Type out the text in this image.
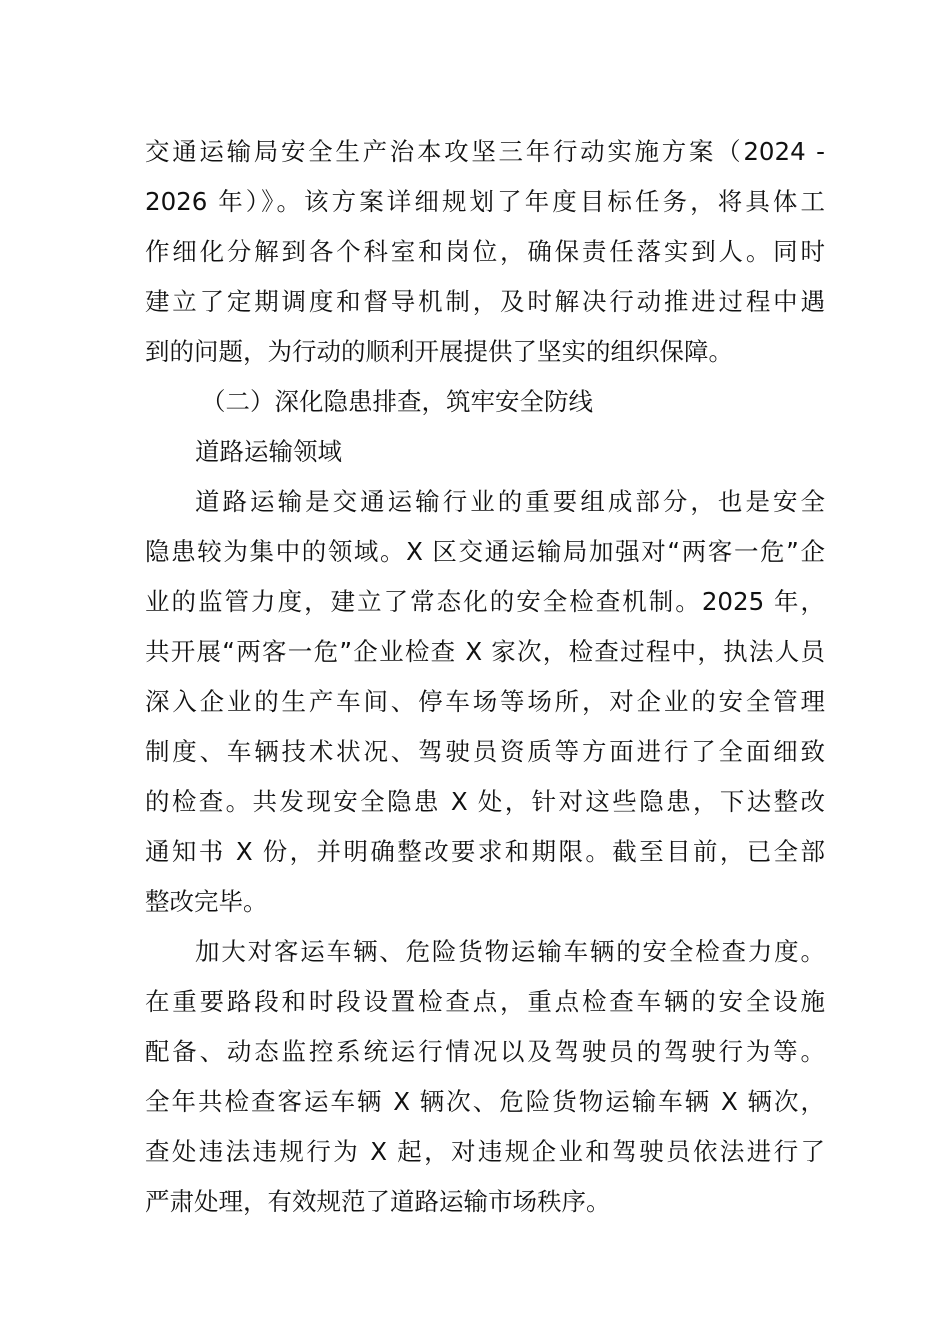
交通运输局安全生产治本攻坚三年行动实施方案（2024 -
2026 年）》。该方案详细规划了年度目标任务，将具体工
作细化分解到各个科室和岗位，确保责任落实到人。同时
建立了定期调度和督导机制，及时解决行动推进过程中遇
到的问题，为行动的顺利开展提供了坚实的组织保障。
（二）深化隐患排查，筑牢安全防线
道路运输领域
道路运输是交通运输行业的重要组成部分，也是安全
隐患较为集中的领域。X 区交通运输局加强对“两客一危”企
业的监管力度，建立了常态化的安全检查机制。2025 年，
共开展“两客一危”企业检查 X 家次，检查过程中，执法人员
深入企业的生产车间、停车场等场所，对企业的安全管理
制度、车辆技术状况、驾驶员资质等方面进行了全面细致
的检查。共发现安全隐患 X 处，针对这些隐患，下达整改
通知书 X 份，并明确整改要求和期限。截至目前，已全部
整改完毕。
加大对客运车辆、危险货物运输车辆的安全检查力度。
在重要路段和时段设置检查点，重点检查车辆的安全设施
配备、动态监控系统运行情况以及驾驶员的驾驶行为等。
全年共检查客运车辆 X 辆次、危险货物运输车辆 X 辆次，
查处违法违规行为 X 起，对违规企业和驾驶员依法进行了
严肃处理，有效规范了道路运输市场秩序。
